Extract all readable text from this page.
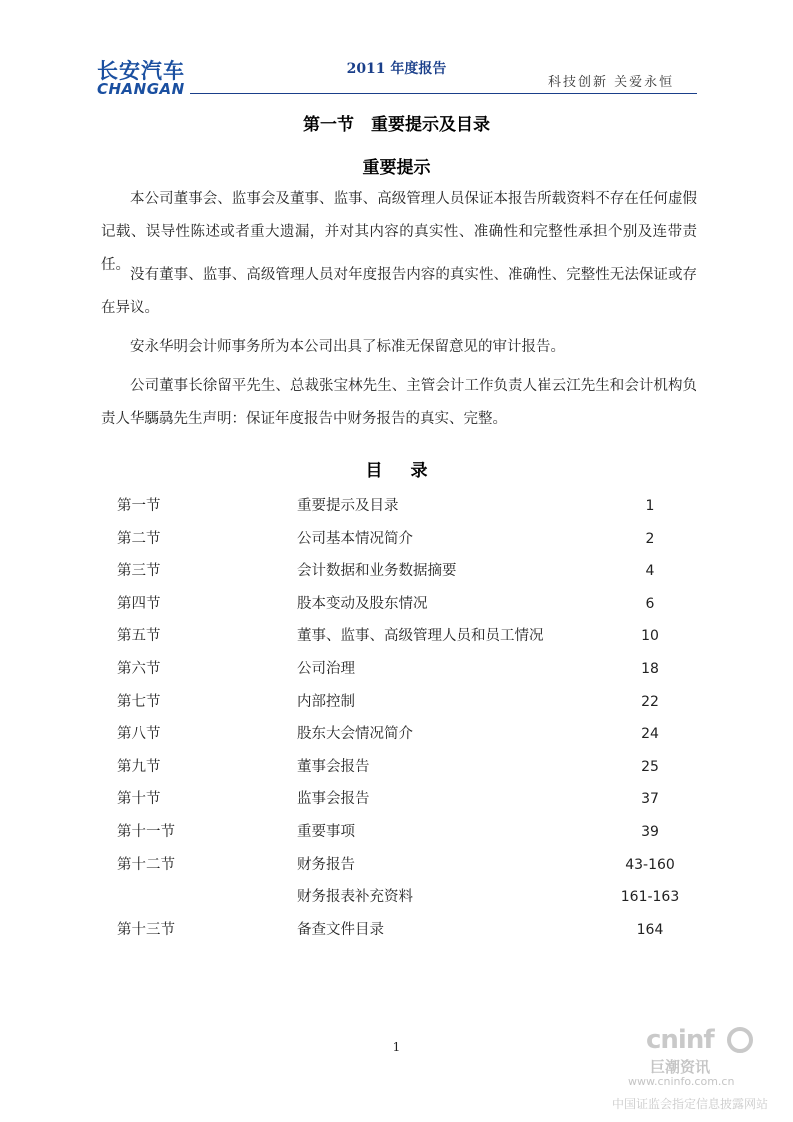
长安汽车
CHANGAN
2011 年度报告
科技创新 关爱永恒
第一节　重要提示及目录
重要提示
本公司董事会、监事会及董事、监事、高级管理人员保证本报告所载资料不存在任何虚假记载、误导性陈述或者重大遗漏，并对其内容的真实性、准确性和完整性承担个别及连带责任。
没有董事、监事、高级管理人员对年度报告内容的真实性、准确性、完整性无法保证或存在异议。
安永华明会计师事务所为本公司出具了标准无保留意见的审计报告。
公司董事长徐留平先生、总裁张宝林先生、主管会计工作负责人崔云江先生和会计机构负责人华騳骉先生声明：保证年度报告中财务报告的真实、完整。
目录
第一节	重要提示及目录	1
第二节	公司基本情况简介	2
第三节	会计数据和业务数据摘要	4
第四节	股本变动及股东情况	6
第五节	董事、监事、高级管理人员和员工情况	10
第六节	公司治理	18
第七节	内部控制	22
第八节	股东大会情况简介	24
第九节	董事会报告	25
第十节	监事会报告	37
第十一节	重要事项	39
第十二节	财务报告	43-160
财务报表补充资料	161-163
第十三节	备查文件目录	164
1	cninf
巨潮资讯
www.cninfo.com.cn
中国证监会指定信息披露网站
